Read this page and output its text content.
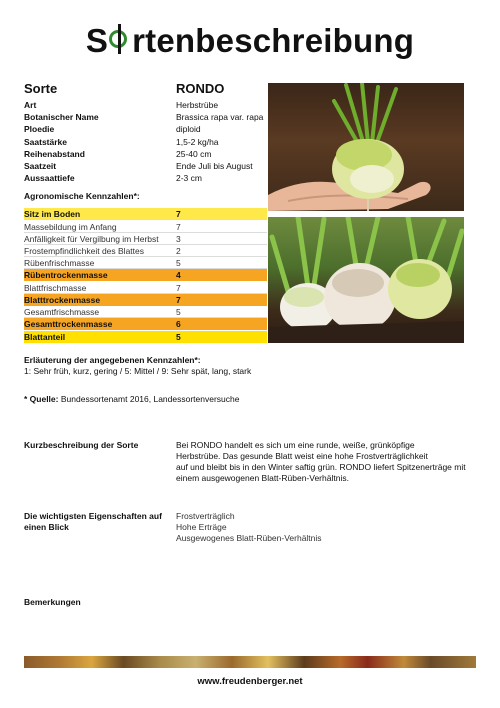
S rtenbeschreibung
Sorte	RONDO
Art	Herbstrübe
Botanischer Name	Brassica rapa var. rapa
Ploedie	diploid
Saatstärke	1,5-2 kg/ha
Reihenabstand	25-40 cm
Saatzeit	Ende Juli bis August
Aussaattiefe	2-3 cm
Agronomische Kennzahlen*:
Sitz im Boden	7
Massebildung im Anfang	7
Anfälligkeit für Vergilbung im Herbst 3
Frostempfindlichkeit des Blattes	2
Rübenfrischmasse	5
Rübentrockenmasse	4
Blattfrischmasse	7
Blatttrockenmasse	7
Gesamtfrischmasse	5
Gesamttrockenmasse	6
Blattanteil	5
Erläuterung der angegebenen Kennzahlen*:
1: Sehr früh, kurz, gering / 5: Mittel / 9: Sehr spät, lang, stark
* Quelle: Bundessortenamt 2016, Landessortenversuche
Kurzbeschreibung der Sorte	Bei RONDO handelt es sich um eine runde, weiße, grünköpfige
Herbstrübe. Das gesunde Blatt weist eine hohe Frostverträglichkeit
auf und bleibt bis in den Winter saftig grün. RONDO liefert Spitzenerträge mit
einem ausgewogenen Blatt-Rüben-Verhältnis.
Die wichtigsten Eigenschaften auf
einen Blick
Frostverträglich
Hohe Erträge
Ausgewogenes Blatt-Rüben-Verhältnis
Bemerkungen
www.freudenberger.net
